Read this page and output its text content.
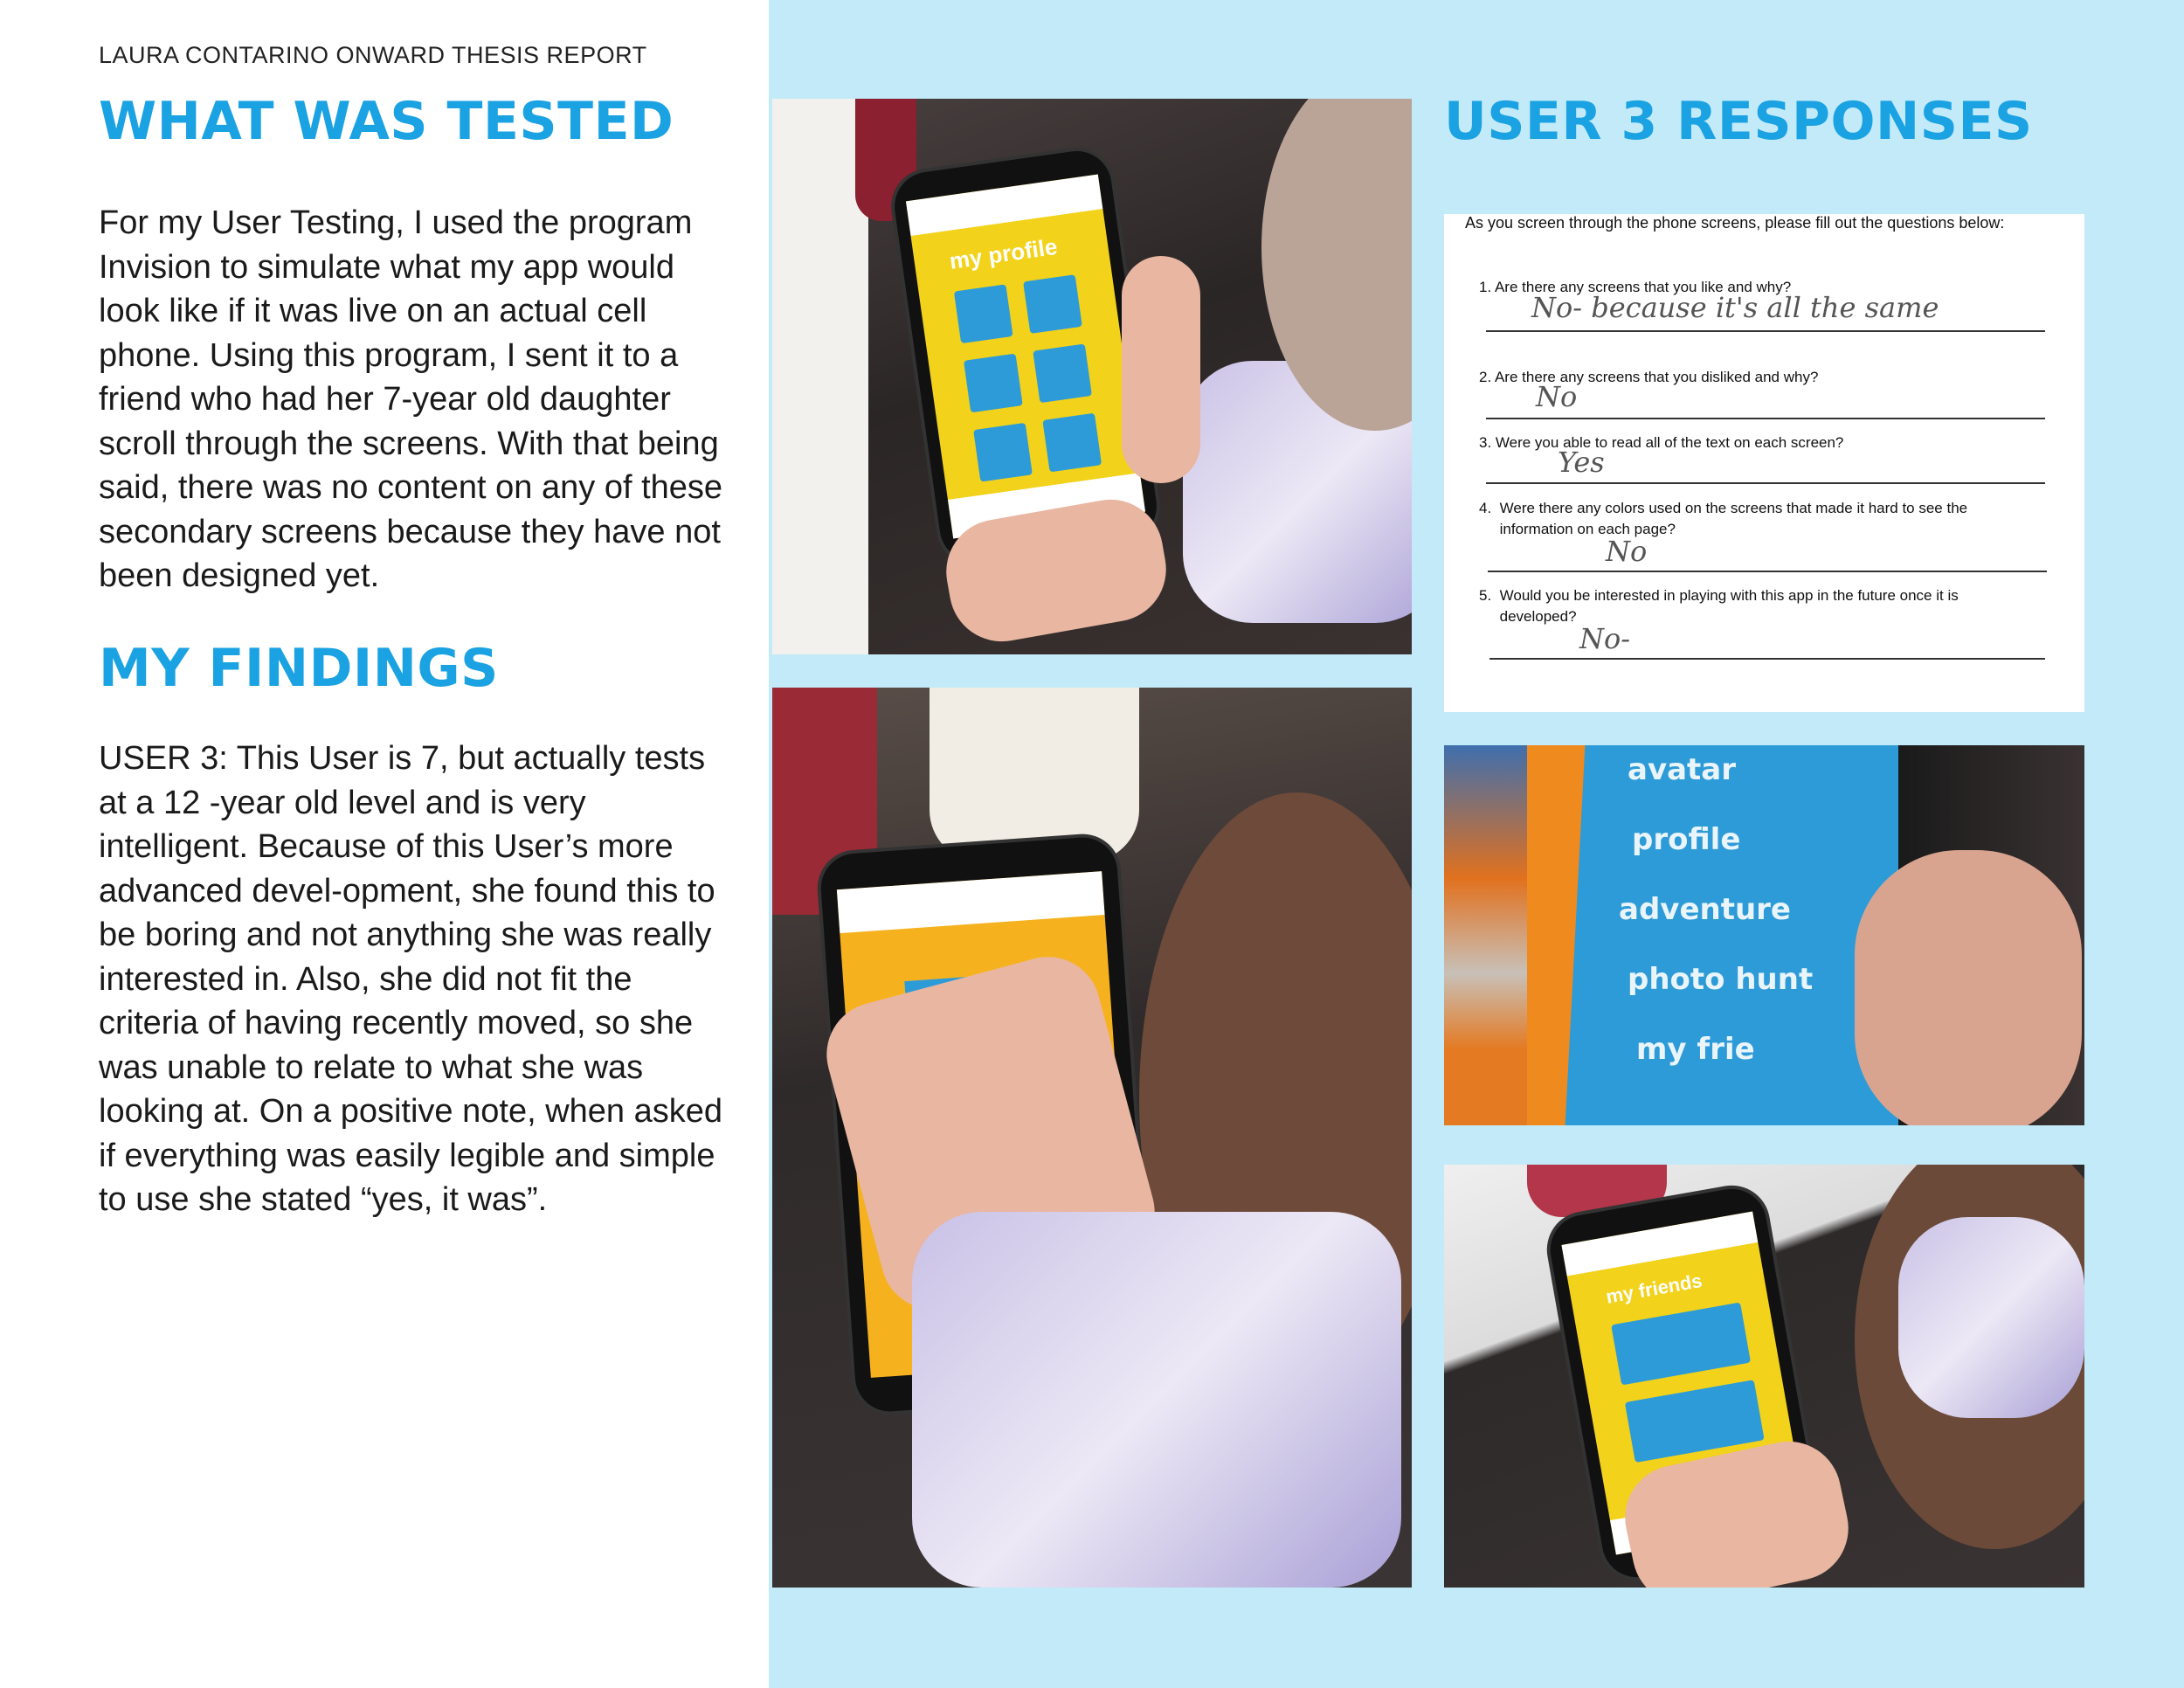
LAURA CONTARINO ONWARD THESIS REPORT
WHAT WAS TESTED
For my User Testing, I used the program Invision to simulate what my app would look like if it was live on an actual cell phone. Using this program, I sent it to a friend who had her 7-year old daughter scroll through the screens. With that being said, there was no content on any of these secondary screens because they have not been designed yet.
MY FINDINGS
USER 3: This User is 7, but actually tests at a 12 -year old level and is very intelligent. Because of this User’s more advanced devel-opment, she found this to be boring and not anything she was really interested in. Also, she did not fit the criteria of having recently moved, so she was unable to relate to what she was looking at. On a positive note, when asked if everything was easily legible and simple to use she stated “yes, it was”.
USER 3 RESPONSES
my profile
As you screen through the phone screens, please fill out the questions below:
1. Are there any screens that you like and why?
No- because it's all the same
2. Are there any screens that you disliked and why?
No
3. Were you able to read all of the text on each screen?
Yes
4.  Were there any colors used on the screens that made it hard to see the
information on each page?
No
5.  Would you be interested in playing with this app in the future once it is
developed?
No-
avatar
profile
adventure
photo hunt
my frie
my friends
